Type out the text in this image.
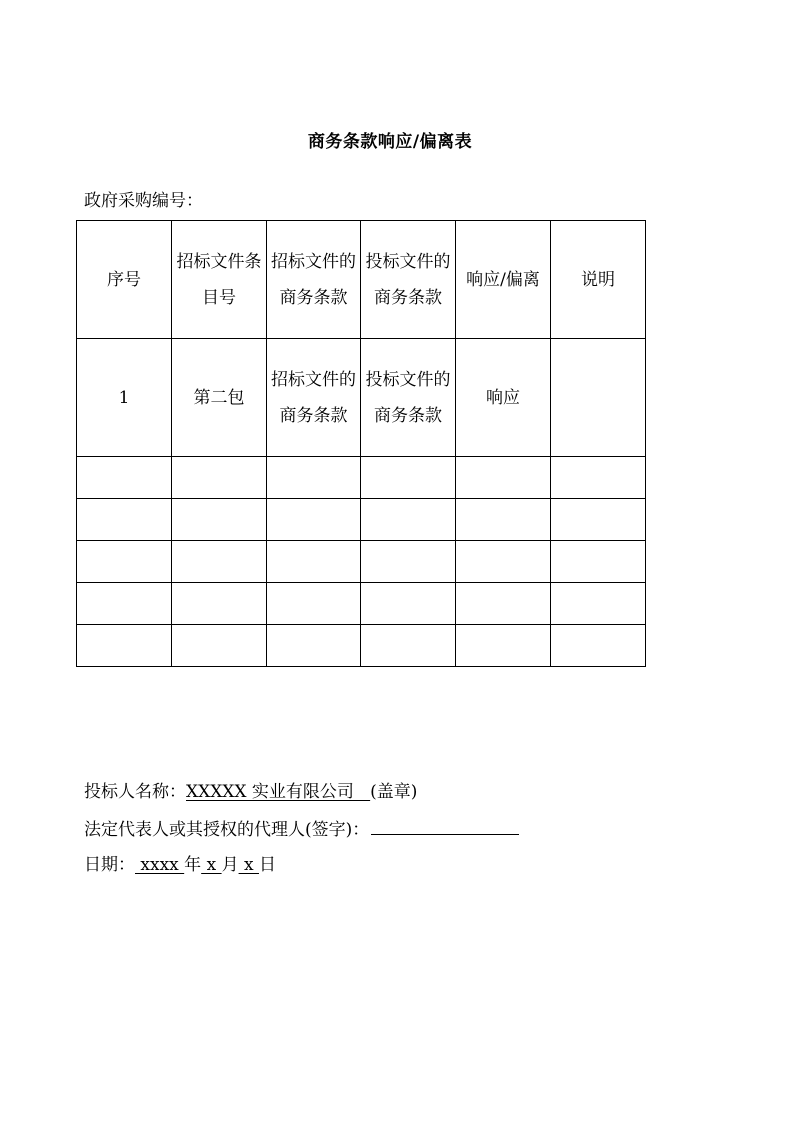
商务条款响应/偏离表
政府采购编号：
序号	招标文件条目号	招标文件的商务条款	投标文件的商务条款	响应/偏离	说明
1	第二包	招标文件的商务条款	投标文件的商务条款	响应	

投标人名称：XXXXX 实业有限公司   (盖章)
法定代表人或其授权的代理人(签字)：
日期： xxxx 年 x 月 x 日
